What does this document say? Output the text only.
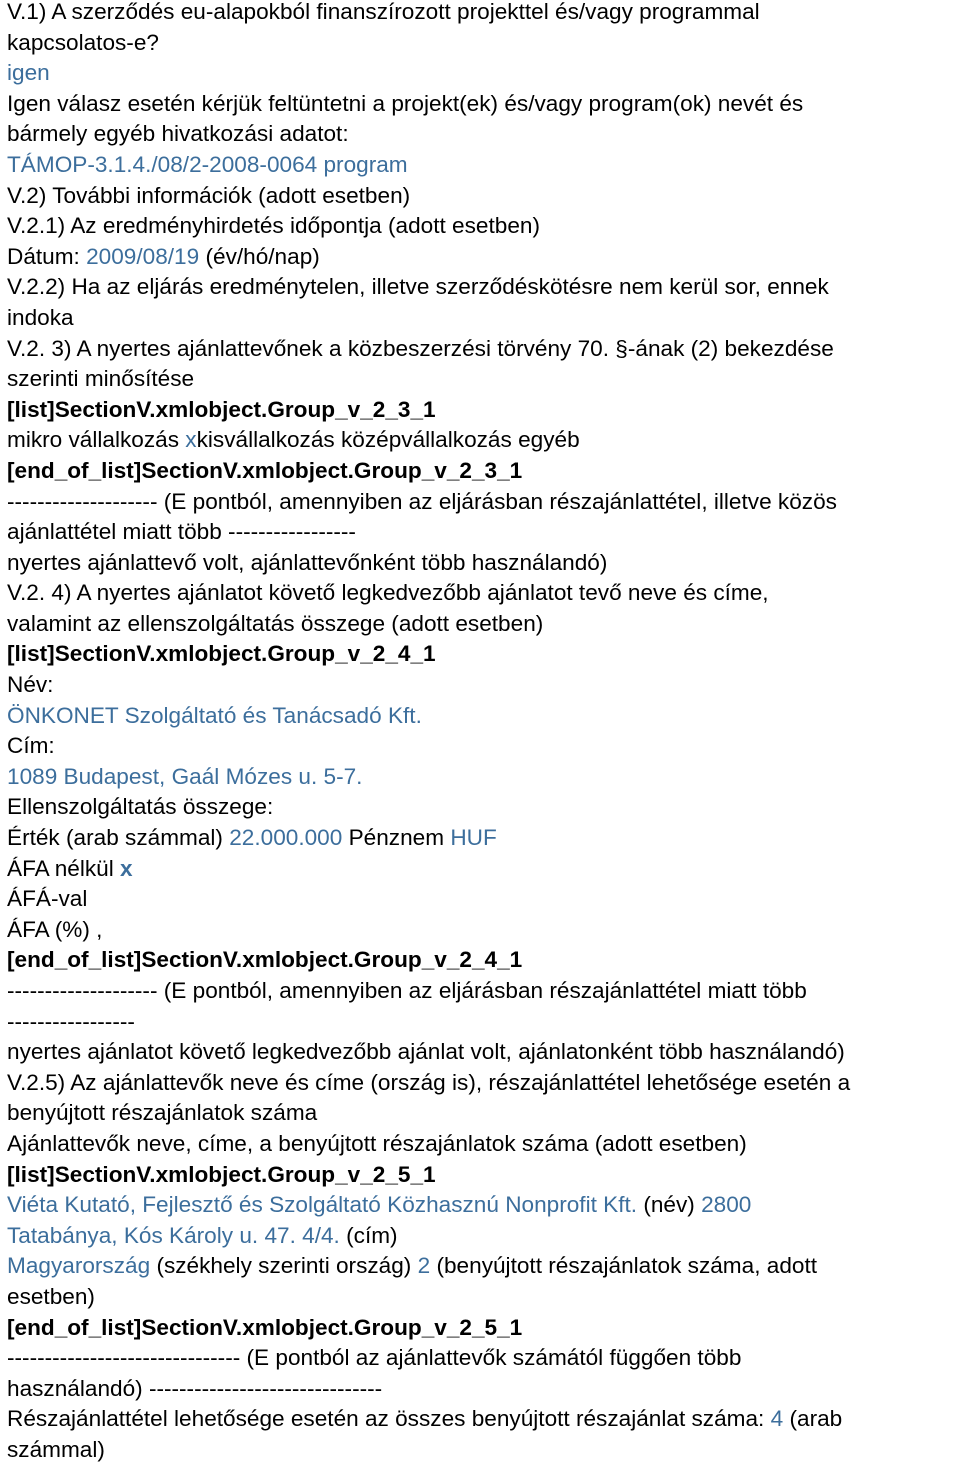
V.1) A szerződés eu-alapokból finanszírozott projekttel és/vagy programmal
kapcsolatos-e?
igen
Igen válasz esetén kérjük feltüntetni a projekt(ek) és/vagy program(ok) nevét és
bármely egyéb hivatkozási adatot:
TÁMOP-3.1.4./08/2-2008-0064 program
V.2) További információk (adott esetben)
V.2.1) Az eredményhirdetés időpontja (adott esetben)
Dátum: 2009/08/19 (év/hó/nap)
V.2.2) Ha az eljárás eredménytelen, illetve szerződéskötésre nem kerül sor, ennek
indoka
V.2. 3) A nyertes ajánlattevőnek a közbeszerzési törvény 70. §-ának (2) bekezdése
szerinti minősítése
[list]SectionV.xmlobject.Group_v_2_3_1
mikro vállalkozás xkisvállalkozás középvállalkozás egyéb
[end_of_list]SectionV.xmlobject.Group_v_2_3_1
-------------------- (E pontból, amennyiben az eljárásban részajánlattétel, illetve közös
ajánlattétel miatt több -----------------
nyertes ajánlattevő volt, ajánlattevőnként több használandó)
V.2. 4) A nyertes ajánlatot követő legkedvezőbb ajánlatot tevő neve és címe,
valamint az ellenszolgáltatás összege (adott esetben)
[list]SectionV.xmlobject.Group_v_2_4_1
Név:
ÖNKONET Szolgáltató és Tanácsadó Kft.
Cím:
1089 Budapest, Gaál Mózes u. 5-7.
Ellenszolgáltatás összege:
Érték (arab számmal) 22.000.000 Pénznem HUF
ÁFA nélkül x
ÁFÁ-val
ÁFA (%) ,
[end_of_list]SectionV.xmlobject.Group_v_2_4_1
-------------------- (E pontból, amennyiben az eljárásban részajánlattétel miatt több
-----------------
nyertes ajánlatot követő legkedvezőbb ajánlat volt, ajánlatonként több használandó)
V.2.5) Az ajánlattevők neve és címe (ország is), részajánlattétel lehetősége esetén a
benyújtott részajánlatok száma
Ajánlattevők neve, címe, a benyújtott részajánlatok száma (adott esetben)
[list]SectionV.xmlobject.Group_v_2_5_1
Viéta Kutató, Fejlesztő és Szolgáltató Közhasznú Nonprofit Kft. (név) 2800
Tatabánya, Kós Károly u. 47. 4/4. (cím)
Magyarország (székhely szerinti ország) 2 (benyújtott részajánlatok száma, adott
esetben)
[end_of_list]SectionV.xmlobject.Group_v_2_5_1
------------------------------- (E pontból az ajánlattevők számától függően több
használandó) -------------------------------
Részajánlattétel lehetősége esetén az összes benyújtott részajánlat száma: 4 (arab
számmal)
